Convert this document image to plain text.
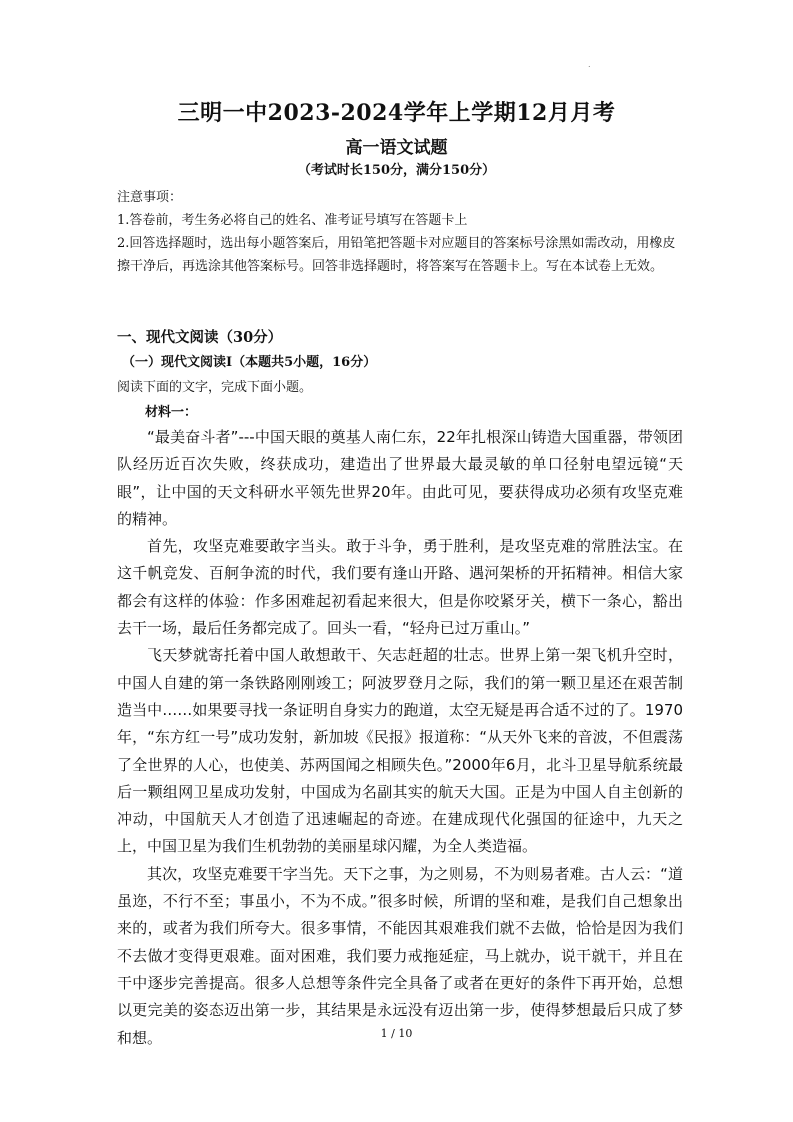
.
三明一中2023-2024学年上学期12月月考
高一语文试题
（考试时长150分，满分150分）

注意事项：

1.答卷前，考生务必将自己的姓名、准考证号填写在答题卡上

2.回答选择题时，选出每小题答案后，用铅笔把答题卡对应题目的答案标号涂黑如需改动，用橡皮擦干净后，再选涂其他答案标号。回答非选择题时，将答案写在答题卡上。写在本试卷上无效。

一、现代文阅读（30分）
（一）现代文阅读Ⅰ（本题共5小题，16分）
阅读下面的文字，完成下面小题。
材料一：

“最美奋斗者”---中国天眼的奠基人南仁东，22年扎根深山铸造大国重器，带领团队经历近百次失败，终获成功，建造出了世界最大最灵敏的单口径射电望远镜“天眼”，让中国的天文科研水平领先世界20年。由此可见，要获得成功必须有攻坚克难的精神。

首先，攻坚克难要敢字当头。敢于斗争，勇于胜利，是攻坚克难的常胜法宝。在这千帆竞发、百舸争流的时代，我们要有逢山开路、遇河架桥的开拓精神。相信大家都会有这样的体验：作多困难起初看起来很大，但是你咬紧牙关，横下一条心，豁出去干一场，最后任务都完成了。回头一看，“轻舟已过万重山。”

飞天梦就寄托着中国人敢想敢干、矢志赶超的壮志。世界上第一架飞机升空时，中国人自建的第一条铁路刚刚竣工；阿波罗登月之际，我们的第一颗卫星还在艰苦制造当中……如果要寻找一条证明自身实力的跑道，太空无疑是再合适不过的了。1970年，“东方红一号”成功发射，新加坡《民报》报道称：“从天外飞来的音波，不但震荡了全世界的人心，也使美、苏两国闻之相顾失色。”2000年6月，北斗卫星导航系统最后一颗组网卫星成功发射，中国成为名副其实的航天大国。正是为中国人自主创新的冲动，中国航天人才创造了迅速崛起的奇迹。在建成现代化强国的征途中，九天之上，中国卫星为我们生机勃勃的美丽星球闪耀，为全人类造福。

其次，攻坚克难要干字当先。天下之事，为之则易，不为则易者难。古人云：“道虽迩，不行不至；事虽小，不为不成。”很多时候，所谓的坚和难，是我们自己想象出来的，或者为我们所夸大。很多事情，不能因其艰难我们就不去做，恰恰是因为我们不去做才变得更艰难。面对困难，我们要力戒拖延症，马上就办，说干就干，并且在干中逐步完善提高。很多人总想等条件完全具备了或者在更好的条件下再开始，总想以更完美的姿态迈出第一步，其结果是永远没有迈出第一步，使得梦想最后只成了梦和想。	1 / 10
